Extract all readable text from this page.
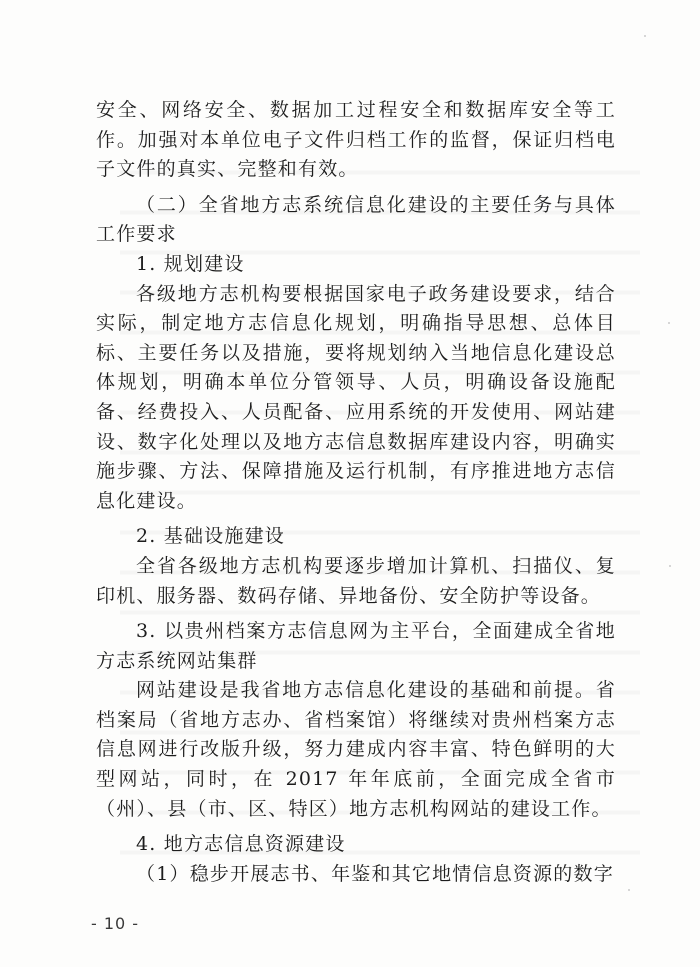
安全、网络安全、数据加工过程安全和数据库安全等工作。加强对本单位电子文件归档工作的监督，保证归档电子文件的真实、完整和有效。

（二）全省地方志系统信息化建设的主要任务与具体工作要求

1. 规划建设

各级地方志机构要根据国家电子政务建设要求，结合实际，制定地方志信息化规划，明确指导思想、总体目标、主要任务以及措施，要将规划纳入当地信息化建设总体规划，明确本单位分管领导、人员，明确设备设施配备、经费投入、人员配备、应用系统的开发使用、网站建设、数字化处理以及地方志信息数据库建设内容，明确实施步骤、方法、保障措施及运行机制，有序推进地方志信息化建设。

2. 基础设施建设

全省各级地方志机构要逐步增加计算机、扫描仪、复印机、服务器、数码存储、异地备份、安全防护等设备。

3. 以贵州档案方志信息网为主平台，全面建成全省地方志系统网站集群

网站建设是我省地方志信息化建设的基础和前提。省档案局（省地方志办、省档案馆）将继续对贵州档案方志信息网进行改版升级，努力建成内容丰富、特色鲜明的大型网站，同时，在 2017 年年底前，全面完成全省市（州）、县（市、区、特区）地方志机构网站的建设工作。

4. 地方志信息资源建设

（1）稳步开展志书、年鉴和其它地情信息资源的数字

- 10 -
